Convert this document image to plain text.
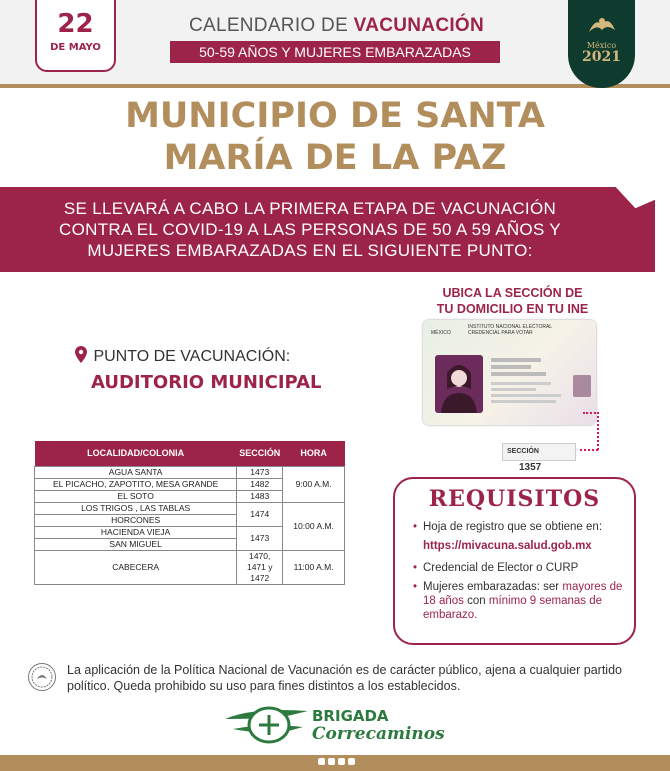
22
DE MAYO
CALENDARIO DE VACUNACIÓN
50-59 AÑOS Y MUJERES EMBARAZADAS	México
2021
MUNICIPIO DE SANTA
MARÍA DE LA PAZ
SE LLEVARÁ A CABO LA PRIMERA ETAPA DE VACUNACIÓN
CONTRA EL COVID-19 A LAS PERSONAS DE 50 A 59 AÑOS Y
MUJERES EMBARAZADAS EN EL SIGUIENTE PUNTO:
UBICA LA SECCIÓN DE
TU DOMICILIO EN TU INE
MÉXICO
INSTITUTO NACIONAL ELECTORAL
CREDENCIAL PARA VOTAR
SECCIÓN 1357
PUNTO DE VACUNACIÓN:
AUDITORIO MUNICIPAL
LOCALIDAD/COLONIA	SECCIÓN	HORA
AGUA SANTA	1473	9:00 A.M.
EL PICACHO, ZAPOTITO, MESA GRANDE	1482	
EL SOTO	1483	
LOS TRIGOS , LAS TABLAS	1474	10:00 A.M.
HORCONES		
HACIENDA VIEJA	1473	
SAN MIGUEL		
CABECERA	1470, 1471 y 1472	11:00 A.M.
REQUISITOS
• Hoja de registro que se obtiene en:
https://mivacuna.salud.gob.mx
• Credencial de Elector o CURP
• Mujeres embarazadas: ser mayores de 18 años con mínimo 9 semanas de embarazo.
La aplicación de la Política Nacional de Vacunación es de carácter público, ajena a cualquier partido político. Queda prohibido su uso para fines distintos a los establecidos.
BRIGADA
Correcaminos
